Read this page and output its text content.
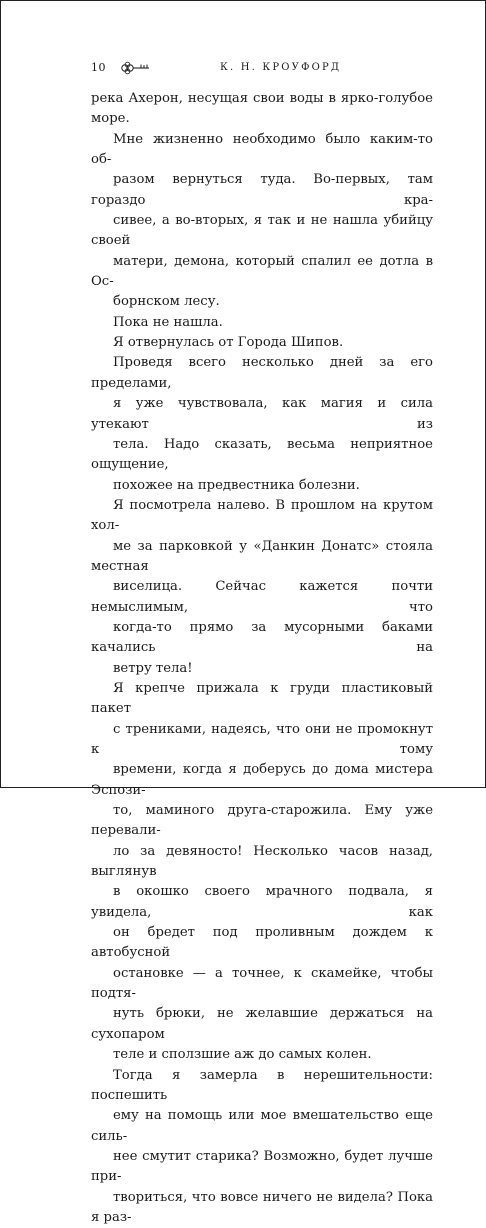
10	К. Н. КРОУФОРД

река Ахерон, несущая свои воды в ярко-голубое
море.

Мне жизненно необходимо было каким-то об-
разом вернуться туда. Во-первых, там гораздо кра-
сивее, а во-вторых, я так и не нашла убийцу своей
матери, демона, который спалил ее дотла в Ос-
борнском лесу.

Пока не нашла.

Я отвернулась от Города Шипов.

Проведя всего несколько дней за его пределами,
я уже чувствовала, как магия и сила утекают из
тела. Надо сказать, весьма неприятное ощущение,
похожее на предвестника болезни.

Я посмотрела налево. В прошлом на крутом хол-
ме за парковкой у «Данкин Донатс» стояла местная
виселица. Сейчас кажется почти немыслимым, что
когда-то прямо за мусорными баками качались на
ветру тела!

Я крепче прижала к груди пластиковый пакет
с трениками, надеясь, что они не промокнут к тому
времени, когда я доберусь до дома мистера Эспози-
то, маминого друга-старожила. Ему уже перевали-
ло за девяносто! Несколько часов назад, выглянув
в окошко своего мрачного подвала, я увидела, как
он бредет под проливным дождем к автобусной
остановке — а точнее, к скамейке, чтобы подтя-
нуть брюки, не желавшие держаться на сухопаром
теле и сползшие аж до самых колен.

Тогда я замерла в нерешительности: поспешить
ему на помощь или мое вмешательство еще силь-
нее смутит старика? Возможно, будет лучше при-
твориться, что вовсе ничего не видела? Пока я раз-
